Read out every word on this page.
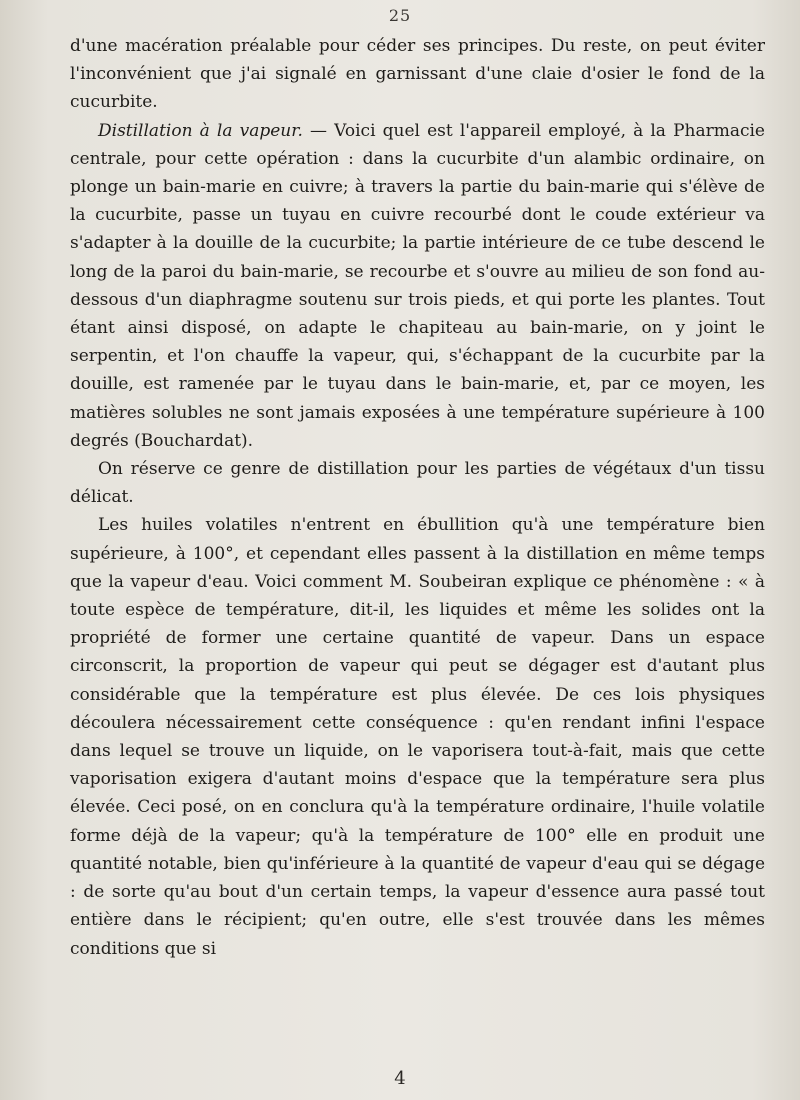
25

d'une macération préalable pour céder ses principes. Du reste, on peut éviter l'inconvénient que j'ai signalé en garnissant d'une claie d'osier le fond de la cucurbite.

Distillation à la vapeur. — Voici quel est l'appareil employé, à la Pharmacie centrale, pour cette opération : dans la cucurbite d'un alambic ordinaire, on plonge un bain-marie en cuivre; à travers la partie du bain-marie qui s'élève de la cucurbite, passe un tuyau en cuivre recourbé dont le coude extérieur va s'adapter à la douille de la cucurbite; la partie intérieure de ce tube descend le long de la paroi du bain-marie, se recourbe et s'ouvre au milieu de son fond au-dessous d'un diaphragme soutenu sur trois pieds, et qui porte les plantes. Tout étant ainsi disposé, on adapte le chapiteau au bain-marie, on y joint le serpentin, et l'on chauffe la vapeur, qui, s'échappant de la cucurbite par la douille, est ramenée par le tuyau dans le bain-marie, et, par ce moyen, les matières solubles ne sont jamais exposées à une température supérieure à 100 degrés (Bouchardat).

On réserve ce genre de distillation pour les parties de végétaux d'un tissu délicat.

Les huiles volatiles n'entrent en ébullition qu'à une température bien supérieure, à 100°, et cependant elles passent à la distillation en même temps que la vapeur d'eau. Voici comment M. Soubeiran explique ce phénomène : « à toute espèce de température, dit-il, les liquides et même les solides ont la propriété de former une certaine quantité de vapeur. Dans un espace circonscrit, la proportion de vapeur qui peut se dégager est d'autant plus considérable que la température est plus élevée. De ces lois physiques découlera nécessairement cette conséquence : qu'en rendant infini l'espace dans lequel se trouve un liquide, on le vaporisera tout-à-fait, mais que cette vaporisation exigera d'autant moins d'espace que la température sera plus élevée. Ceci posé, on en conclura qu'à la température ordinaire, l'huile volatile forme déjà de la vapeur; qu'à la température de 100° elle en produit une quantité notable, bien qu'inférieure à la quantité de vapeur d'eau qui se dégage : de sorte qu'au bout d'un certain temps, la vapeur d'essence aura passé tout entière dans le récipient; qu'en outre, elle s'est trouvée dans les mêmes conditions que si

4
